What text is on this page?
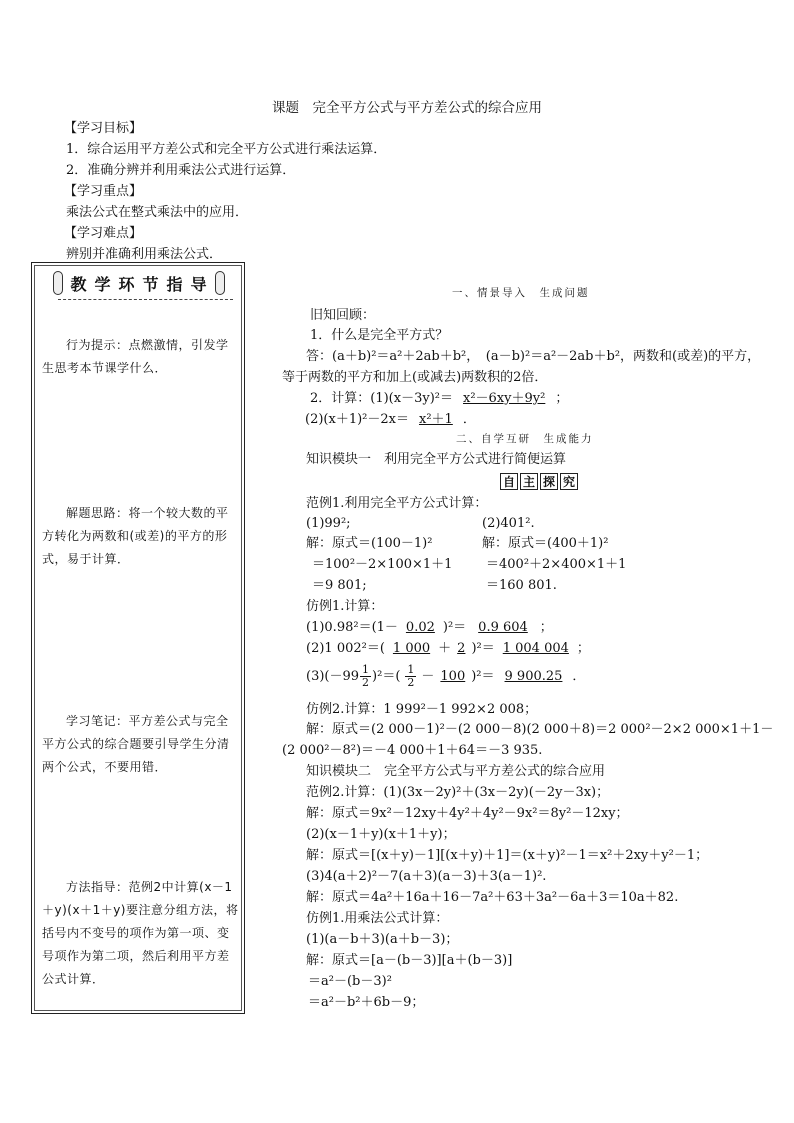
课题　完全平方公式与平方差公式的综合应用
【学习目标】
1．综合运用平方差公式和完全平方公式进行乘法运算．
2．准确分辨并利用乘法公式进行运算．
【学习重点】
乘法公式在整式乘法中的应用．
【学习难点】
辨别并准确利用乘法公式．
教 学 环 节 指 导
行为提示：点燃激情，引发学生思考本节课学什么．
解题思路：将一个较大数的平方转化为两数和(或差)的平方的形式，易于计算．
学习笔记：平方差公式与完全平方公式的综合题要引导学生分清两个公式，不要用错．
方法指导：范例2中计算(x－1＋y)(x＋1＋y)要注意分组方法，将括号内不变号的项作为第一项、变号项作为第二项，然后利用平方差公式计算．
一、情景导入　生成问题
旧知回顾：
1．什么是完全平方式？
答：(a＋b)²＝a²＋2ab＋b²，　(a－b)²＝a²－2ab＋b²，两数和(或差)的平方，
等于两数的平方和加上(或减去)两数积的2倍．
2．计算：(1)(x－3y)²＝ x²－6xy＋9y² ；
(2)(x＋1)²－2x＝ x²＋1 ．
二、自学互研　生成能力
知识模块一　利用完全平方公式进行简便运算
自 主 探 究
范例1.利用完全平方公式计算：
(1)99²;	(2)401².
解：原式＝(100－1)²
＝100²－2×100×1＋1
＝9 801;
解：原式＝(400＋1)²
＝400²＋2×400×1＋1
＝160 801.
仿例1.计算：
(1)0.98²＝(1－ 0.02 )²＝ 0.9 604 ；
(2)1 002²＝( 1 000 ＋ 2 )²＝ 1 004 004 ；
$(3)(-99 \frac{1}{2} )^2=( \frac{1}{2} - 100$ )²＝ 9 900.25 ．
仿例2.计算：1 999²－1 992×2 008；
解：原式＝(2 000－1)²－(2 000－8)(2 000＋8)＝2 000²－2×2 000×1＋1－
(2 000²－8²)＝－4 000＋1＋64＝－3 935.
知识模块二　完全平方公式与平方差公式的综合应用
范例2.计算：(1)(3x－2y)²＋(3x－2y)(－2y－3x)；
解：原式＝9x²－12xy＋4y²＋4y²－9x²＝8y²－12xy；
(2)(x－1＋y)(x＋1＋y)；
解：原式＝[(x＋y)－1][(x＋y)＋1]＝(x＋y)²－1＝x²＋2xy＋y²－1；
(3)4(a＋2)²－7(a＋3)(a－3)＋3(a－1)².
解：原式＝4a²＋16a＋16－7a²＋63＋3a²－6a＋3＝10a＋82.
仿例1.用乘法公式计算：
(1)(a－b＋3)(a＋b－3)；
解：原式＝[a－(b－3)][a＋(b－3)]
＝a²－(b－3)²
＝a²－b²＋6b－9；
